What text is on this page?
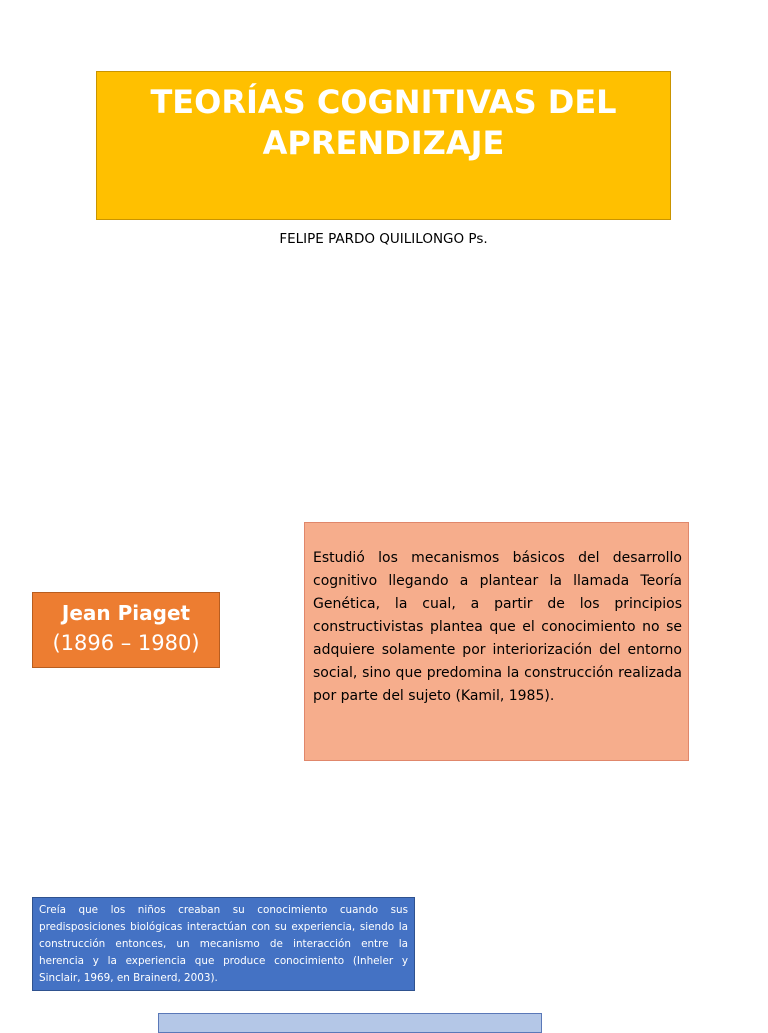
TEORÍAS COGNITIVAS DEL
APRENDIZAJE
FELIPE PARDO QUILILONGO Ps.
Jean Piaget
(1896 – 1980)

Estudió los mecanismos básicos del desarrollo cognitivo llegando a plantear la llamada Teoría Genética, la cual, a partir de los principios constructivistas plantea que el conocimiento no se adquiere solamente por interiorización del entorno social, sino que predomina la construcción realizada por parte del sujeto (Kamil, 1985).

Creía que los niños creaban su conocimiento cuando sus predisposiciones biológicas interactúan con su experiencia, siendo la construcción entonces, un mecanismo de interacción entre la herencia y la experiencia que produce conocimiento (Inheler y Sinclair, 1969, en Brainerd, 2003).
